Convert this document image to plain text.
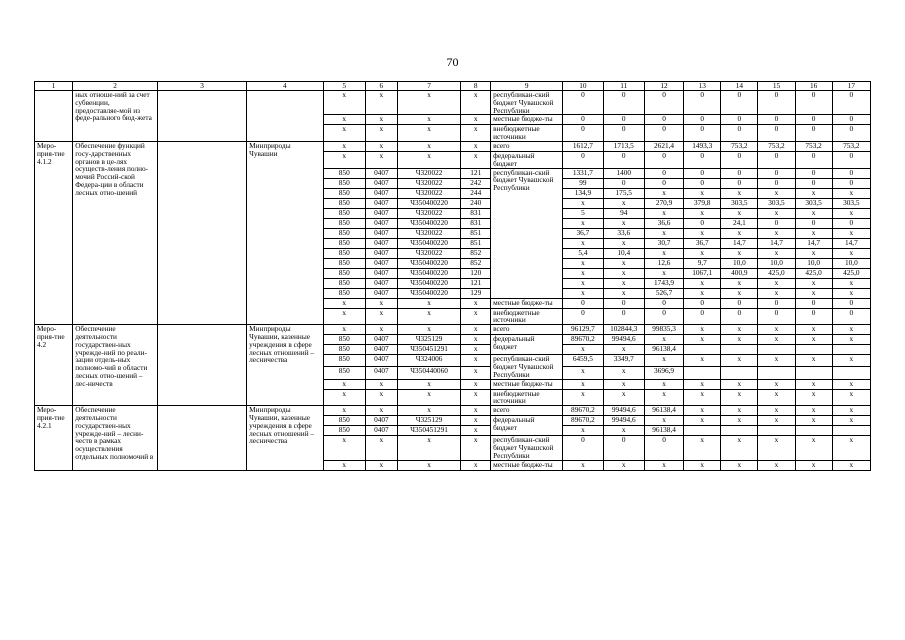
70
1	2	3	4	5	6	7	8	9	10	11	12	13	14	15	16	17
	ных отноше-ний за счет субвенции, предоставляе-мой из феде-рального бюд-жета			x	x	x	x	республикан-ский бюджет Чувашской Республики	0	0	0	0	0	0	0	0
				x	x	x	x	местные бюдже-ты	0	0	0	0	0	0	0	0
				x	x	x	x	внебюджетные источники	0	0	0	0	0	0	0	0
Меро-прия-тие 4.1.2	Обеспечение функций госу-дарственных органов в це-лях осуществ-ления полно-мочий Россий-ской Федера-ции в области лесных отно-шений		Минприроды Чувашии	x	x	x	x	всего	1612,7	1713,5	2621,4	1493,3	753,2	753,2	753,2	753,2
				x	x	x	x	федеральный бюджет	0	0	0	0	0	0	0	0
				850	0407	Ч320022	121	республикан-ский бюджет Чувашской Республики	1331,7	1400	0	0	0	0	0	0
				850	0407	Ч320022	242		99	0	0	0	0	0	0	0
				850	0407	Ч320022	244		134,9	175,5	x	x	x	x	x	x
				850	0407	Ч350400220	240		x	x	270,9	379,8	303,5	303,5	303,5	303,5
				850	0407	Ч320022	831		5	94	x	x	x	x	x	x
				850	0407	Ч350400220	831		x	x	36,6	0	24,1	0	0	0
				850	0407	Ч320022	851		36,7	33,6	x	x	x	x	x	x
				850	0407	Ч350400220	851		x	x	30,7	36,7	14,7	14,7	14,7	14,7
				850	0407	Ч320022	852		5,4	10,4	x	x	x	x	x	x
				850	0407	Ч350400220	852		x	x	12,6	9,7	10,0	10,0	10,0	10,0
				850	0407	Ч350400220	120		x	x	x	1067,1	400,9	425,0	425,0	425,0
				850	0407	Ч350400220	121		x	x	1743,9	x	x	x	x	x
				850	0407	Ч350400220	129		x	x	526,7	x	x	x	x	x
				x	x	x	x	местные бюдже-ты	0	0	0	0	0	0	0	0
				x	x	x	x	внебюджетные источники	0	0	0	0	0	0	0	0
Меро-прия-тие 4.2	Обеспечение деятельности государствен-ных учрежде-ний по реали-зации отдель-ных полномо-чий в области лесных отно-шений – лес-ничеств		Минприроды Чувашии, казенные учреждения в сфере лесных отношений – лесничества	x	x	x	x	всего	96129,7	102844,3	99835,3	x	x	x	x	x
				850	0407	Ч325129	x	федеральный бюджет	89670,2	99494,6	x	x	x	x	x	x
				850	0407	Ч350451291	x		x	x	96138,4					
				850	0407	Ч324006	x	республикан-ский бюджет Чувашской Республики	6459,5	3349,7	x	x	x	x	x	x
				850	0407	Ч350440060	x		x	x	3696,9					
				x	x	x	x	местные бюдже-ты	x	x	x	x	x	x	x	x
				x	x	x	x	внебюджетные источники	x	x	x	x	x	x	x	x
Меро-прия-тие 4.2.1	Обеспечение деятельности государствен-ных учрежде-ний – лесни-честв в рамках осуществления отдельных полномочий в		Минприроды Чувашии, казенные учреждения в сфере лесных отношений – лесничества	x	x	x	x	всего	89670,2	99494,6	96138,4	x	x	x	x	x
				850	0407	Ч325129	x	федеральный бюджет	89670,2	99494,6	x	x	x	x	x	x
				850	0407	Ч350451291	x		x	x	96138,4					
				x	x	x	x	республикан-ский бюджет Чувашской Республики	0	0	0	x	x	x	x	x
				x	x	x	x	местные бюдже-ты	x	x	x	x	x	x	x	x
